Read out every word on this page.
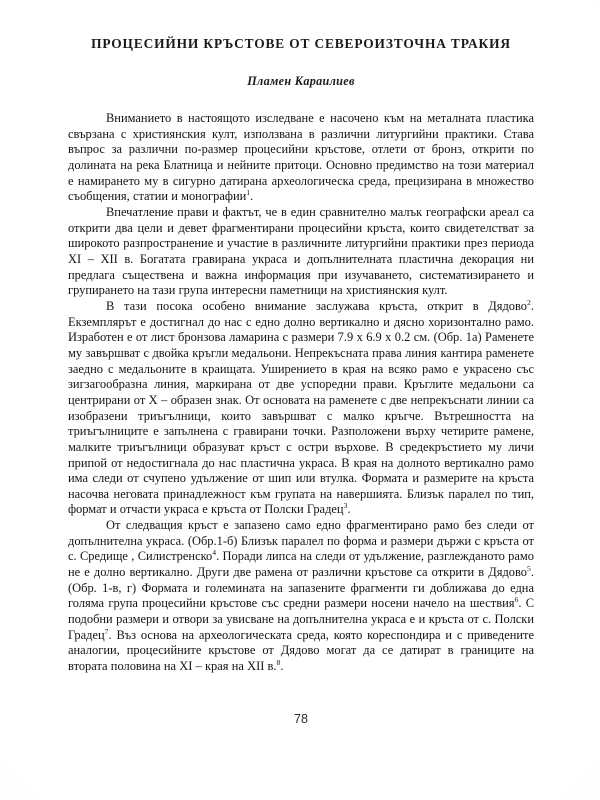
ПРОЦЕСИЙНИ КРЪСТОВЕ ОТ СЕВЕРОИЗТОЧНА ТРАКИЯ
Пламен Караилиев

Вниманието в настоящото изследване е насочено към на металната пластика свързана с християнския култ, използвана в различни литургийни практики. Става въпрос за различни по-размер процесийни кръстове, отлети от бронз, открити по долината на река Блатница и нейните притоци. Основно предимство на този материал е намирането му в сигурно датирана археологическа среда, прецизирана в множество съобщения, статии и монографии$^1$.

Впечатление прави и фактът, че в един сравнително малък географски ареал са открити два цели и девет фрагментирани процесийни кръста, които свидетелстват за широкото разпространение и участие в различните литургийни практики през периода XI – XII в. Богатата гравирана украса и допълнителната пластична декорация ни предлага съществена и важна информация при изучаването, систематизирането и групирането на тази група интересни паметници на християнския култ.

В тази посока особено внимание заслужава кръста, открит в Дядово$^2$. Екземплярът е достигнал до нас с едно долно вертикално и дясно хоризонтално рамо. Изработен е от лист бронзова ламарина с размери 7.9 x 6.9 x 0.2 см. (Обр. 1а) Раменете му завършват с двойка кръгли медальони. Непрекъсната права линия кантира раменете заедно с медальоните в краищата. Уширението в края на всяко рамо е украсено със зигзагообразна линия, маркирана от две успоредни прави. Кръглите медальони са центрирани от X – образен знак. От основата на раменете с две непрекъснати линии са изобразени триъгълници, които завършват с малко кръгче. Вътрешността на триъгълниците е запълнена с гравирани точки. Разположени върху четирите рамене, малките триъгълници образуват кръст с остри върхове. В средекръстието му личи припой от недостигнала до нас пластична украса. В края на долното вертикално рамо има следи от счупено удължение от шип или втулка. Формата и размерите на кръста насочва неговата принадлежност към групата на навершията. Близък паралел по тип, формат и отчасти украса е кръста от Полски Градец$^3$.

От следващия кръст е запазено само едно фрагментирано рамо без следи от допълнителна украса. (Обр.1-б) Близък паралел по форма и размери държи с кръста от с. Средище , Силистренско$^4$. Поради липса на следи от удължение, разглежданото рамо не е долно вертикално. Други две рамена от различни кръстове са открити в Дядово$^5$. (Обр. 1-в, г) Формата и големината на запазените фрагменти ги доближава до една голяма група процесийни кръстове със средни размери носени начело на шествия$^6$. С подобни размери и отвори за увисване на допълнителна украса е и кръста от с. Полски Градец$^7$. Въз основа на археологическата среда, която кореспондира и с приведените аналогии, процесийните кръстове от Дядово могат да се датират в границите на втората половина на XI – края на XII в.$^8$.

78
